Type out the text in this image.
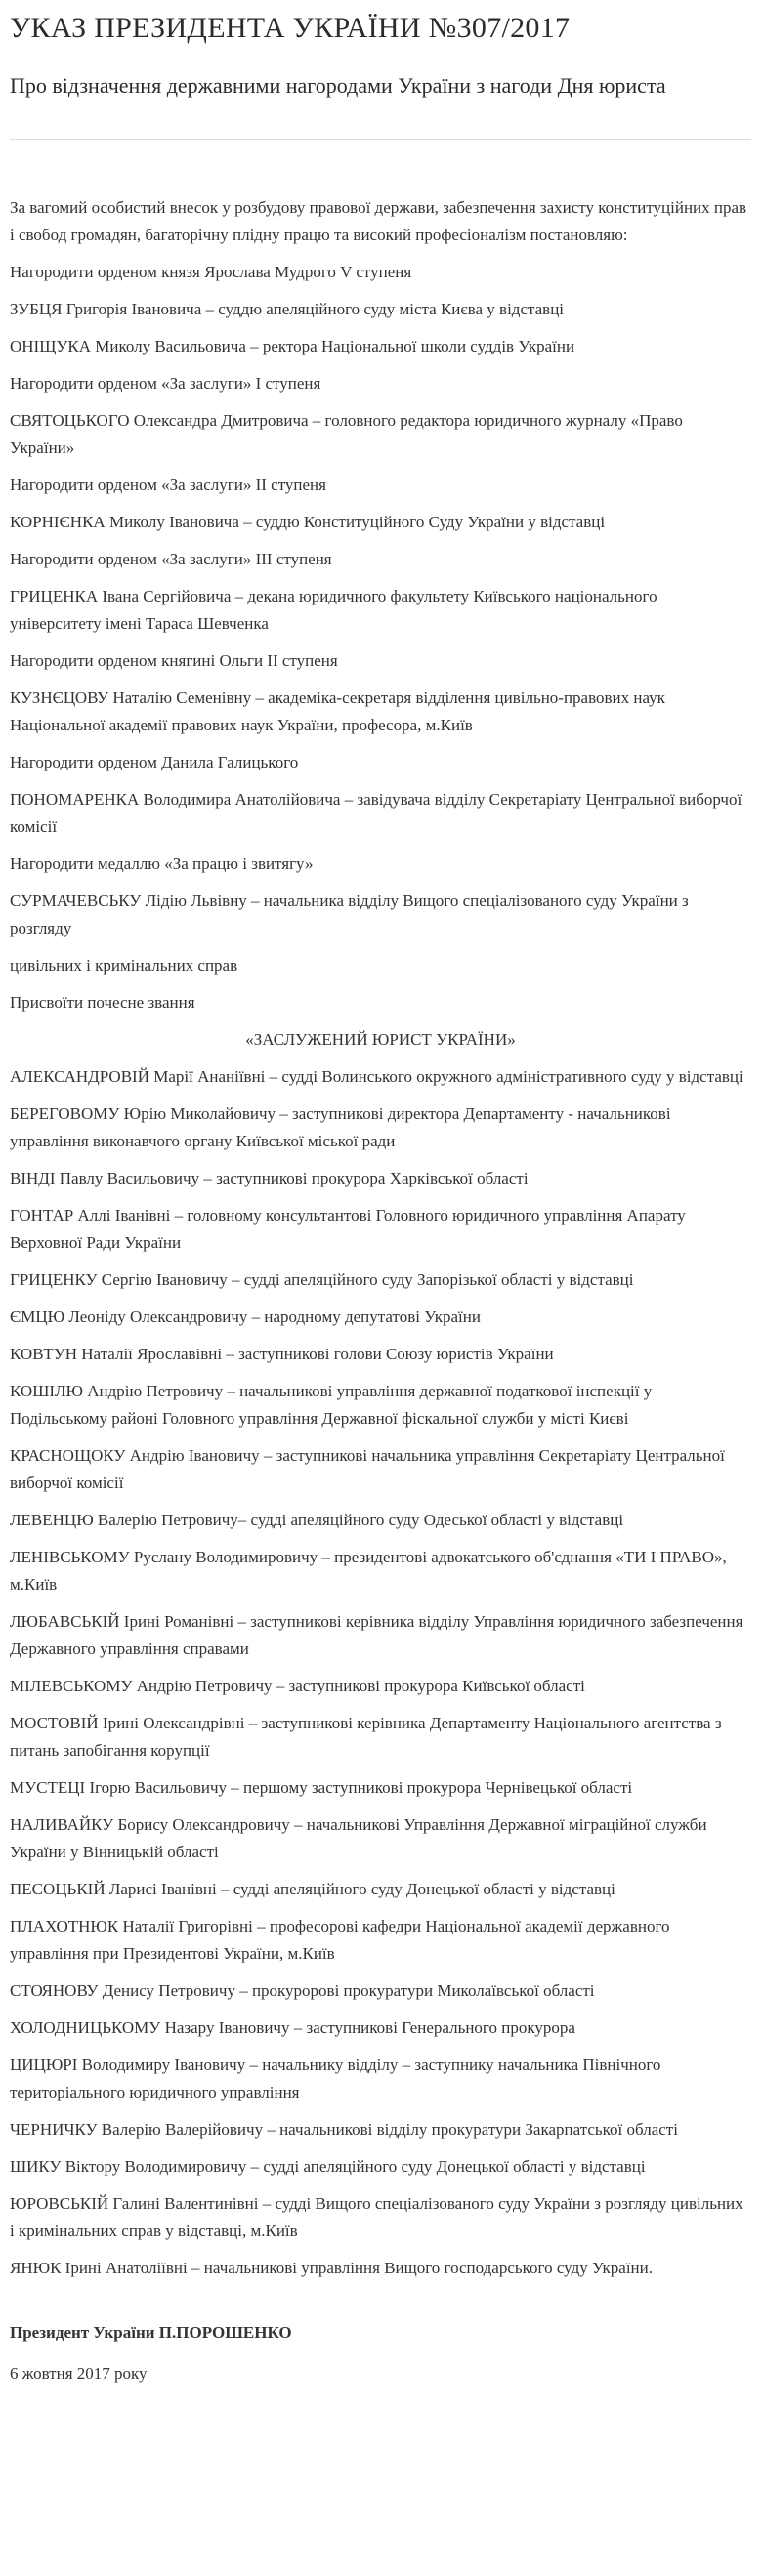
УКАЗ ПРЕЗИДЕНТА УКРАЇНИ №307/2017
Про відзначення державними нагородами України з нагоди Дня юриста

За вагомий особистий внесок у розбудову правової держави, забезпечення захисту конституційних прав і свобод громадян, багаторічну плідну працю та високий професіоналізм постановляю:

Нагородити орденом князя Ярослава Мудрого V ступеня

ЗУБЦЯ Григорія Івановича – суддю апеляційного суду міста Києва у відставці

ОНІЩУКА Миколу Васильовича – ректора Національної школи суддів України

Нагородити орденом «За заслуги» I ступеня

СВЯТОЦЬКОГО Олександра Дмитровича – головного редактора юридичного журналу «Право України»

Нагородити орденом «За заслуги» II ступеня

КОРНІЄНКА Миколу Івановича – суддю Конституційного Суду України у відставці

Нагородити орденом «За заслуги» III ступеня

ГРИЦЕНКА Івана Сергійовича – декана юридичного факультету Київського національного університету імені Тараса Шевченка

Нагородити орденом княгині Ольги II ступеня

КУЗНЄЦОВУ Наталію Семенівну – академіка-секретаря відділення цивільно-правових наук Національної академії правових наук України, професора, м.Київ

Нагородити орденом Данила Галицького

ПОНОМАРЕНКА Володимира Анатолійовича – завідувача відділу Секретаріату Центральної виборчої комісії

Нагородити медаллю «За працю і звитягу»

СУРМАЧЕВСЬКУ Лідію Львівну – начальника відділу Вищого спеціалізованого суду України з розгляду

цивільних і кримінальних справ

Присвоїти почесне звання

«ЗАСЛУЖЕНИЙ ЮРИСТ УКРАЇНИ»

АЛЕКСАНДРОВІЙ Марії Ананіївні – судді Волинського окружного адміністративного суду у відставці

БЕРЕГОВОМУ Юрію Миколайовичу – заступникові директора Департаменту - начальникові управління виконавчого органу Київської міської ради

ВІНДІ Павлу Васильовичу – заступникові прокурора Харківської області

ГОНТАР Аллі Іванівні – головному консультантові Головного юридичного управління Апарату Верховної Ради України

ГРИЦЕНКУ Сергію Івановичу – судді апеляційного суду Запорізької області у відставці

ЄМЦЮ Леоніду Олександровичу – народному депутатові України

КОВТУН Наталії Ярославівні – заступникові голови Союзу юристів України

КОШІЛЮ Андрію Петровичу – начальникові управління державної податкової інспекції у Подільському районі Головного управління Державної фіскальної служби у місті Києві

КРАСНОЩОКУ Андрію Івановичу – заступникові начальника управління Секретаріату Центральної виборчої комісії

ЛЕВЕНЦЮ Валерію Петровичу– судді апеляційного суду Одеської області у відставці

ЛЕНІВСЬКОМУ Руслану Володимировичу – президентові адвокатського об'єднання «ТИ І ПРАВО», м.Київ

ЛЮБАВСЬКІЙ Ірині Романівні – заступникові керівника відділу Управління юридичного забезпечення Державного управління справами

МІЛЕВСЬКОМУ Андрію Петровичу – заступникові прокурора Київської області

МОСТОВІЙ Ірині Олександрівні – заступникові керівника Департаменту Національного агентства з питань запобігання корупції

МУСТЕЦІ Ігорю Васильовичу – першому заступникові прокурора Чернівецької області

НАЛИВАЙКУ Борису Олександровичу – начальникові Управління Державної міграційної служби України у Вінницькій області

ПЕСОЦЬКІЙ Ларисі Іванівні – судді апеляційного суду Донецької області у відставці

ПЛАХОТНЮК Наталії Григорівні – професорові кафедри Національної академії державного управління при Президентові України, м.Київ

СТОЯНОВУ Денису Петровичу – прокуророві прокуратури Миколаївської області

ХОЛОДНИЦЬКОМУ Назару Івановичу – заступникові Генерального прокурора

ЦИЦЮРІ Володимиру Івановичу – начальнику відділу – заступнику начальника Північного територіального юридичного управління

ЧЕРНИЧКУ Валерію Валерійовичу – начальникові відділу прокуратури Закарпатської області

ШИКУ Віктору Володимировичу – судді апеляційного суду Донецької області у відставці

ЮРОВСЬКІЙ Галині Валентинівні – судді Вищого спеціалізованого суду України з розгляду цивільних і кримінальних справ у відставці, м.Київ

ЯНЮК Ірині Анатоліївні – начальникові управління Вищого господарського суду України.

Президент України П.ПОРОШЕНКО

6 жовтня 2017 року
